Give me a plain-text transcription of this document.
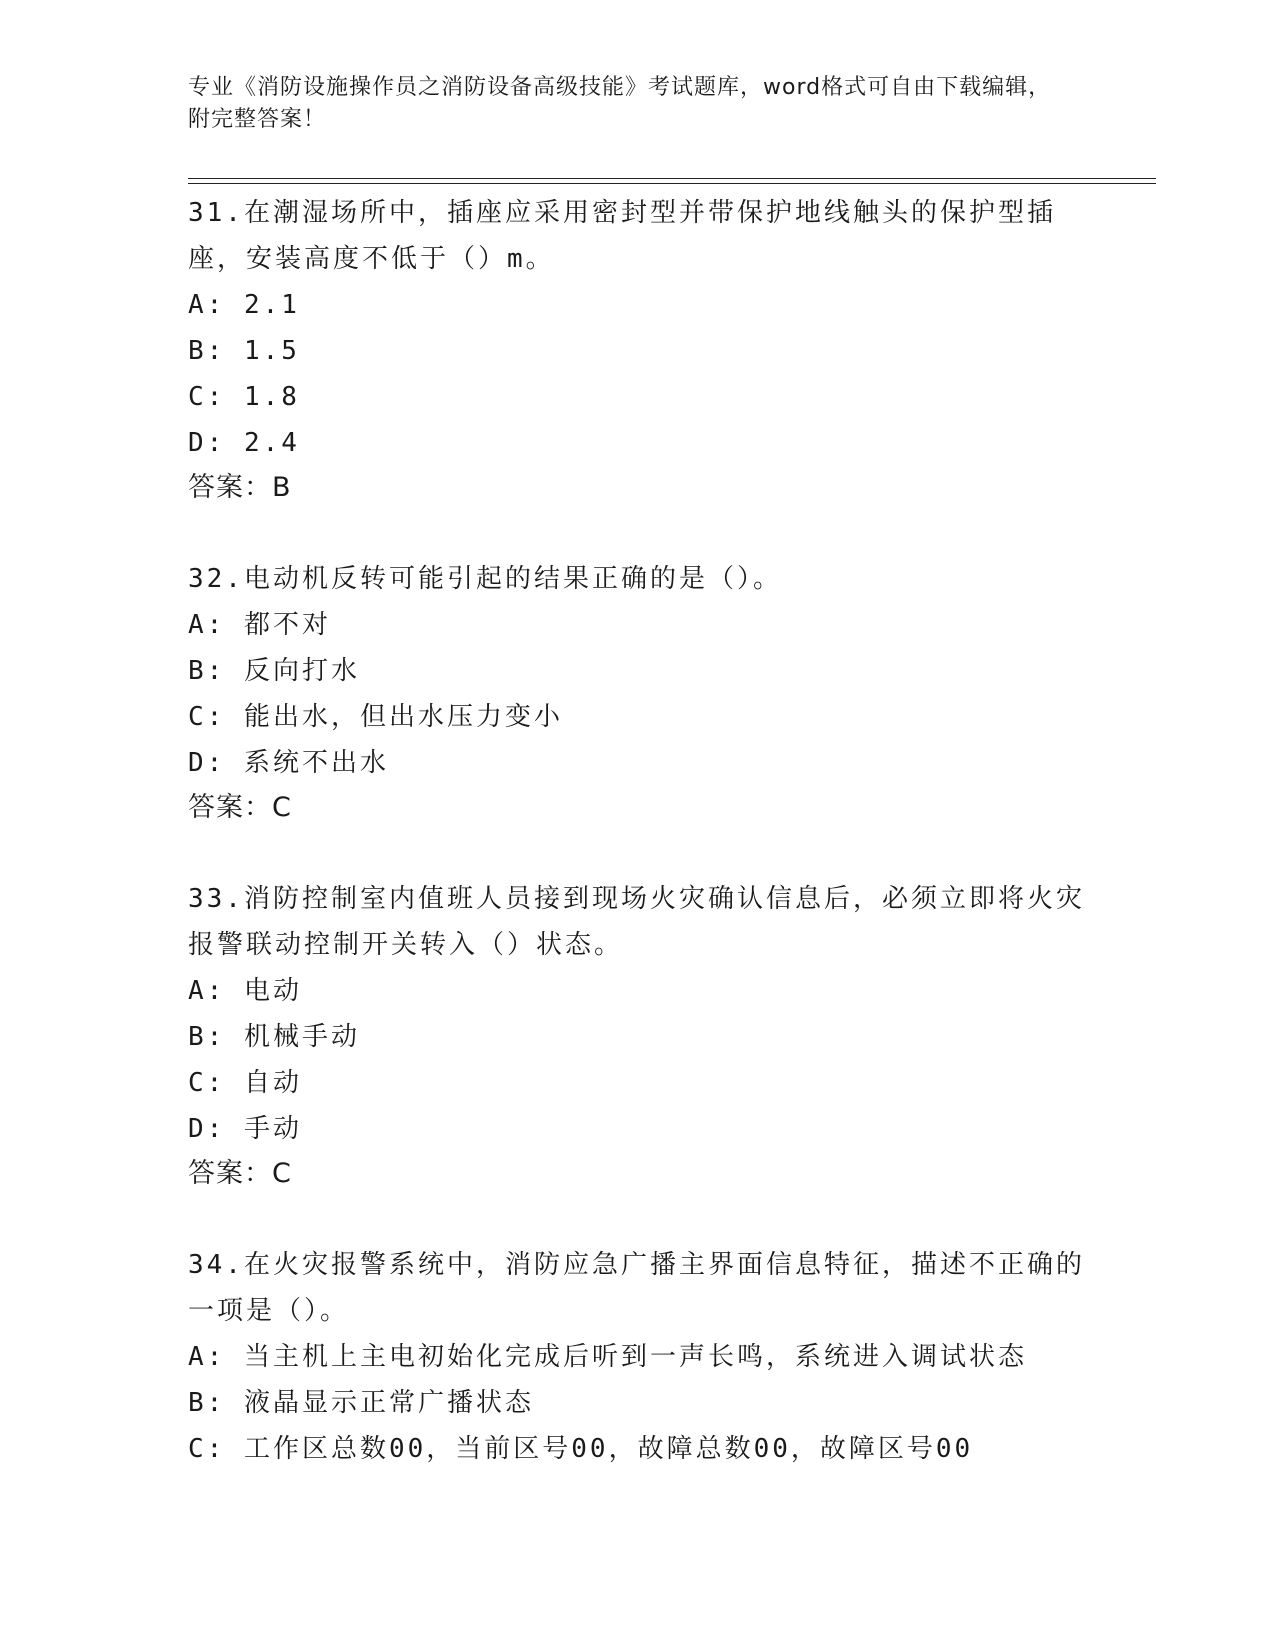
专业《消防设施操作员之消防设备高级技能》考试题库，word格式可自由下载编辑，附完整答案！

31.在潮湿场所中，插座应采用密封型并带保护地线触头的保护型插座，安装高度不低于（）m。

A: 2.1

B: 1.5

C: 1.8

D: 2.4

答案：B

32.电动机反转可能引起的结果正确的是（）。

A: 都不对

B: 反向打水

C: 能出水，但出水压力变小

D: 系统不出水

答案：C

33.消防控制室内值班人员接到现场火灾确认信息后，必须立即将火灾报警联动控制开关转入（）状态。

A: 电动

B: 机械手动

C: 自动

D: 手动

答案：C

34.在火灾报警系统中，消防应急广播主界面信息特征，描述不正确的一项是（）。

A: 当主机上主电初始化完成后听到一声长鸣，系统进入调试状态

B: 液晶显示正常广播状态

C: 工作区总数00，当前区号00，故障总数00，故障区号00
